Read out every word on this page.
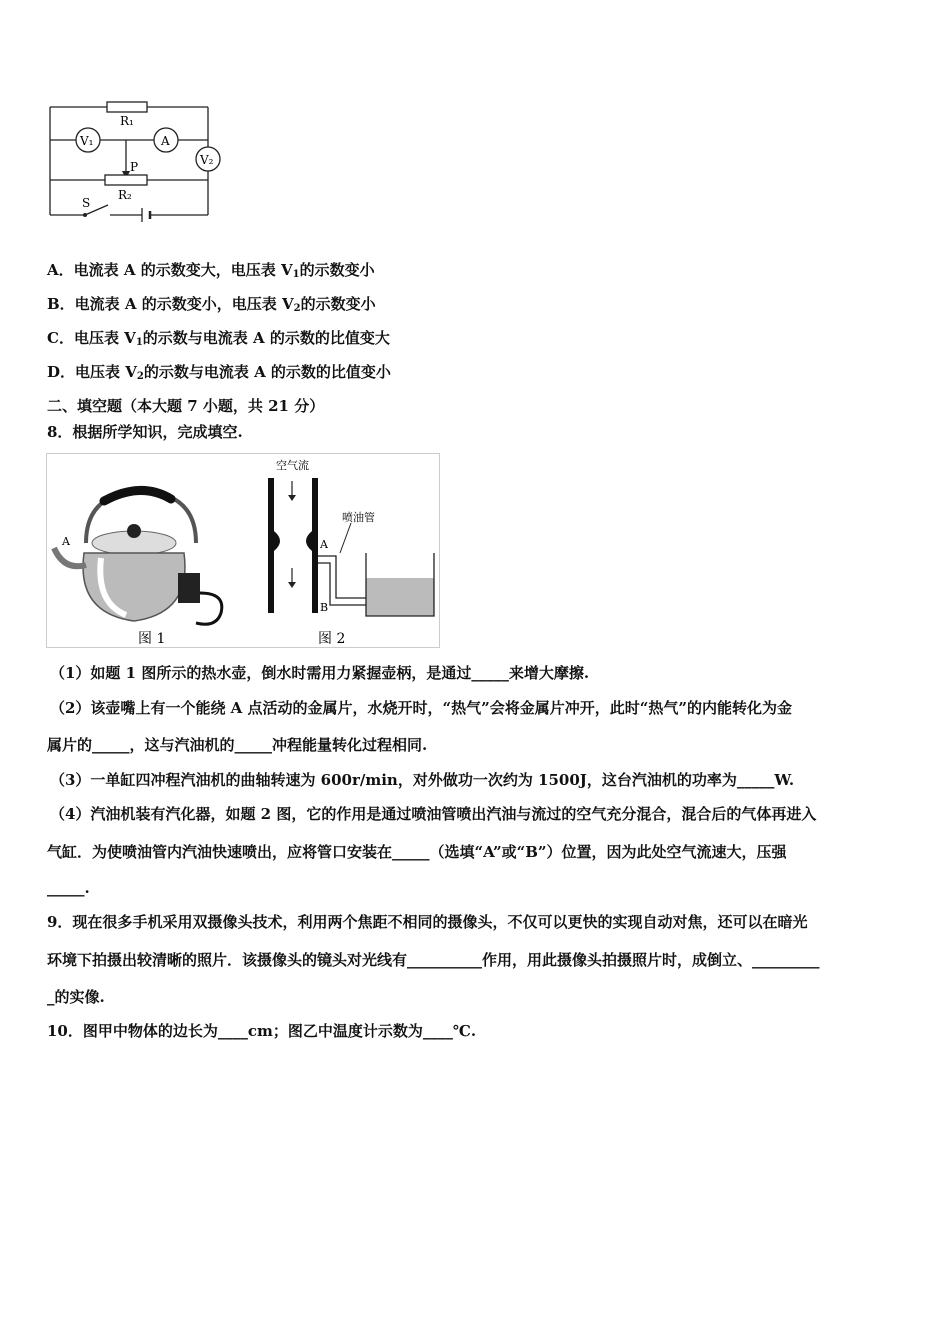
R₁
R₂
V₁	A
V₂
P
S
A．电流表 A 的示数变大，电压表 $V_1$的示数变小
B．电流表 A 的示数变小，电压表 $V_2$的示数变小
C．电压表 $V_1$的示数与电流表 A 的示数的比值变大
D．电压表 $V_2$的示数与电流表 A 的示数的比值变小
二、填空题（本大题 7 小题，共 21 分）
8．根据所学知识，完成填空.
A
图 1
空气流
喷油管
A
B
图 2
（1）如题 1 图所示的热水壶，倒水时需用力紧握壶柄，是通过_____来增大摩擦.
（2）该壶嘴上有一个能绕 A 点活动的金属片，水烧开时，“热气”会将金属片冲开，此时“热气”的内能转化为金
属片的_____，这与汽油机的_____冲程能量转化过程相同.
（3）一单缸四冲程汽油机的曲轴转速为 600r/min，对外做功一次约为 1500J，这台汽油机的功率为_____W.
（4）汽油机装有汽化器，如题 2 图，它的作用是通过喷油管喷出汽油与流过的空气充分混合，混合后的气体再进入
气缸．为使喷油管内汽油快速喷出，应将管口安装在_____（选填“A”或“B”）位置，因为此处空气流速大，压强
_____.
9．现在很多手机采用双摄像头技术，利用两个焦距不相同的摄像头，不仅可以更快的实现自动对焦，还可以在暗光
环境下拍摄出较清晰的照片．该摄像头的镜头对光线有__________作用，用此摄像头拍摄照片时，成倒立、_________
_的实像.
10．图甲中物体的边长为____cm；图乙中温度计示数为____℃.
